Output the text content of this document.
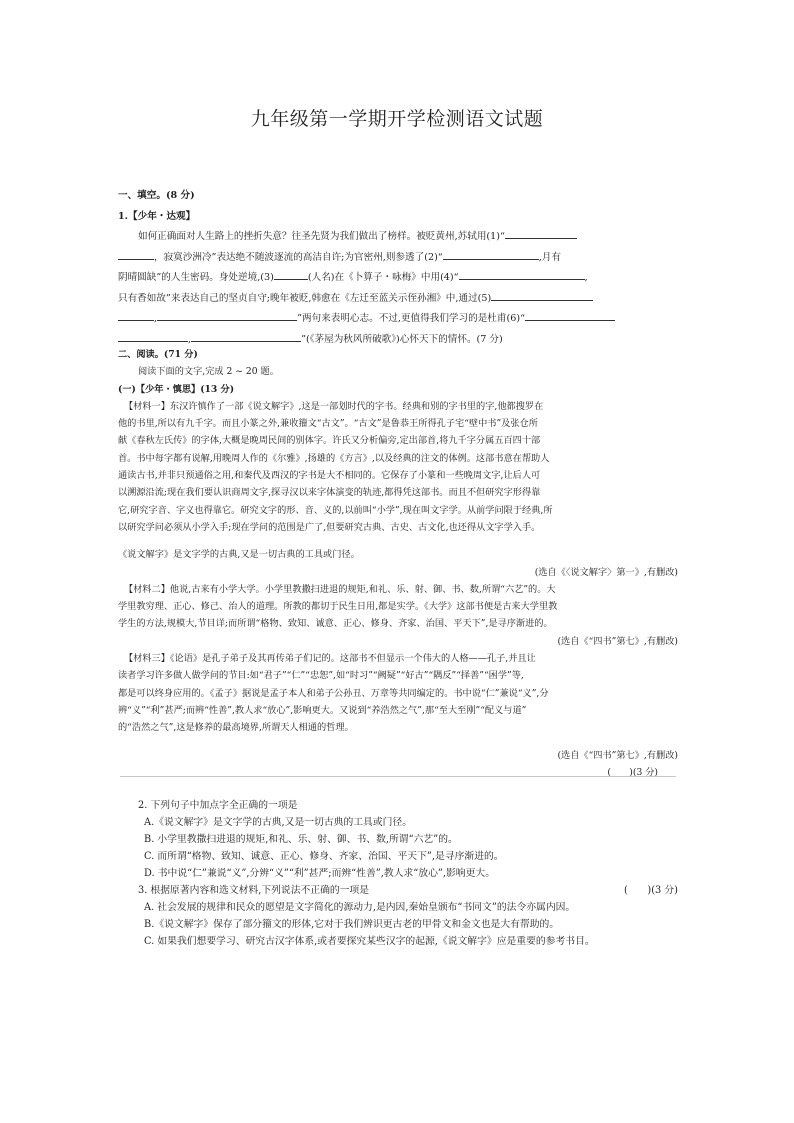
九年级第一学期开学检测语文试题
一、填空。(8 分)
1.【少年・达观】
如何正确面对人生路上的挫折失意？往圣先贤为我们做出了榜样。被贬黄州,苏轼用(1)“
，寂寞沙洲冷”表达绝不随波逐流的高洁自许;为官密州,则参透了(2)“	,月有
阴晴圆缺”的人生密码。身处逆境,(3)	(人名)在《卜算子・咏梅》中用(4)“	,
只有香如故”来表达自己的坚贞自守;晚年被贬,韩愈在《左迁至蓝关示侄孙湘》中,通过(5)
,	”两句来表明心志。不过,更值得我们学习的是杜甫(6)“
,	”(《茅屋为秋风所破歌》)心怀天下的情怀。(7 分)
二、阅读。(71 分)
阅读下面的文字,完成 2 ~ 20 题。
(一)【少年・慎思】(13 分)
【材料一】东汉许慎作了一部《说文解字》,这是一部划时代的字书。经典和别的字书里的字,他都搜罗在
他的书里,所以有九千字。而且小篆之外,兼收籀文“古文”。“古文”是鲁恭王所得孔子宅“壁中书”及张仓所
献《春秋左氏传》的字体,大概是晚周民间的别体字。许氏又分析偏旁,定出部首,将九千字分属五百四十部
首。书中每字都有说解,用晚周人作的《尔雅》,扬雄的《方言》,以及经典的注文的体例。这部书意在帮助人
通读古书,并非只预通俗之用,和秦代及西汉的字书是大不相同的。它保存了小篆和一些晚周文字,让后人可
以溯源沿流;现在我们要认识商周文字,探寻汉以来字体演变的轨迹,都得凭这部书。而且不但研究字形得靠
它,研究字音、字义也得靠它。研究文字的形、音、义的,以前叫“小学”,现在叫文字学。从前学问限于经典,所
以研究学问必须从小学入手;现在学问的范围是广了,但要研究古典、古史、古文化,也还得从文字学入手。
《说文解字》是文字学的古典,又是一切古典的工具或门径。
(选自《〈说文解字〉第一》,有删改)
【材料二】他说,古来有小学大学。小学里教撒扫进退的规矩,和礼、乐、射、御、书、数,所谓“六艺”的。大
学里教穷理、正心、修己、治人的道理。所教的都切于民生日用,都是实学。《大学》这部书便是古来大学里教
学生的方法,规模大,节目详;而所谓“格物、致知、诚意、正心、修身、齐家、治国、平天下”,是寻序渐进的。
(选自《“四书”第七》,有删改)
【材料三】《论语》是孔子弟子及其再传弟子们记的。这部书不但显示一个伟大的人格——孔子,并且让
读者学习许多做人做学问的节目:如“君子”“仁”“忠恕”,如“时习”“阙疑”“好古”“隅反”“择善”“困学”等,
都是可以终身应用的。《孟子》据说是孟子本人和弟子公孙丑、万章等共同编定的。书中说“仁”兼说“义”,分
辨“义”“利”甚严;而辨“性善”,教人求“放心”,影响更大。又说到“养浩然之气”,那“至大至刚”“配义与道”
的“浩然之气”,这是修养的最高境界,所谓天人相通的哲理。
(选自《“四书”第七》,有删改)
(　　)(3 分)
2. 下列句子中加点字全正确的一项是
A.《说文解字》是文字学的古典,又是一切古典的工具或门径。
B. 小学里教撒扫进退的规矩,和礼、乐、射、御、书、数,所谓“六艺”的。
C. 而所谓“格物、致知、诚意、正心、修身、齐家、治国、平天下”,是寻序渐进的。
D. 书中说“仁”兼说“义”,分辨“义”“利”甚严;而辨“性善”,教人求“放心”,影响更大。
3. 根据原著内容和选文材料,下列说法不正确的一项是	(　　)(3 分)
A. 社会发展的规律和民众的愿望是文字简化的源动力,是内因,秦始皇颁布“书同文”的法令亦属内因。
B.《说文解字》保存了部分籀文的形体,它对于我们辨识更古老的甲骨文和金文也是大有帮助的。
C. 如果我们想要学习、研究古汉字体系,或者要探究某些汉字的起源,《说文解字》应是重要的参考书目。
